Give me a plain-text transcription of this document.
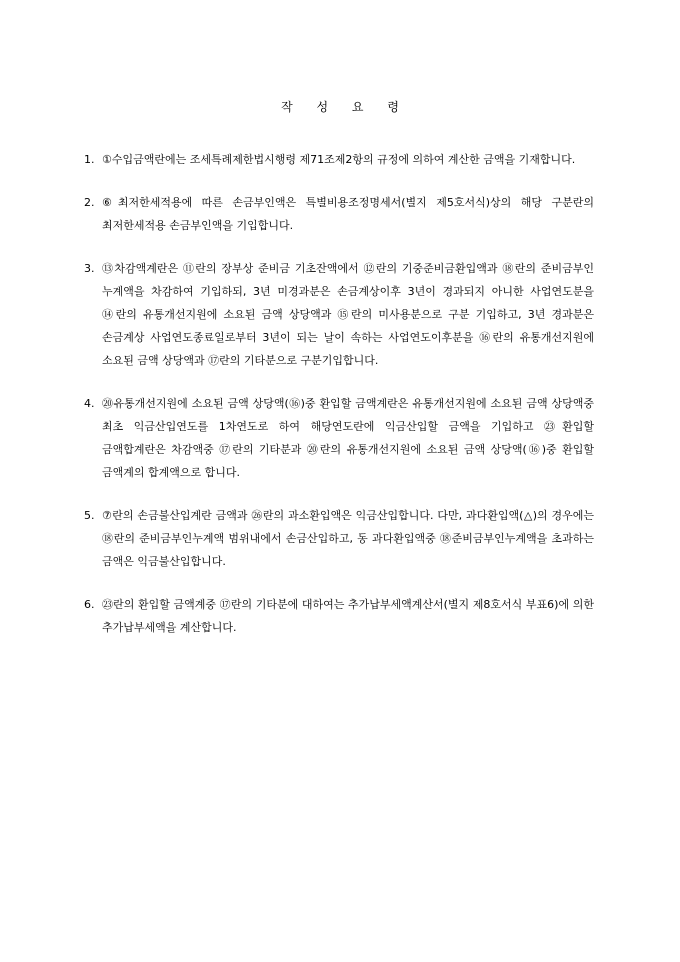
작 성 요 령
1. ①수입금액란에는 조세특례제한법시행령 제71조제2항의 규정에 의하여 계산한 금액을 기재합니다.
2. ⑥최저한세적용에 따른 손금부인액은 특별비용조정명세서(별지 제5호서식)상의 해당 구분란의 최저한세적용 손금부인액을 기입합니다.
3. ⑬차감액계란은 ⑪란의 장부상 준비금 기초잔액에서 ⑫란의 기중준비금환입액과 ⑱란의 준비금부인 누계액을 차감하여 기입하되, 3년 미경과분은 손금계상이후 3년이 경과되지 아니한 사업연도분을 ⑭란의 유통개선지원에 소요된 금액 상당액과 ⑮란의 미사용분으로 구분 기입하고, 3년 경과분은 손금계상 사업연도종료일로부터 3년이 되는 날이 속하는 사업연도이후분을 ⑯란의 유통개선지원에 소요된 금액 상당액과 ⑰란의 기타분으로 구분기입합니다.
4. ⑳유통개선지원에 소요된 금액 상당액(⑯)중 환입할 금액계란은 유통개선지원에 소요된 금액 상당액중 최초 익금산입연도를 1차연도로 하여 해당연도란에 익금산입할 금액을 기입하고 ㉓환입할 금액합계란은 차감액중 ⑰란의 기타분과 ⑳란의 유통개선지원에 소요된 금액 상당액(⑯)중 환입할 금액계의 합계액으로 합니다.
5. ⑦란의 손금불산입계란 금액과 ㉖란의 과소환입액은 익금산입합니다. 다만, 과다환입액(△)의 경우에는 ⑱란의 준비금부인누계액 범위내에서 손금산입하고, 동 과다환입액중 ⑱준비금부인누계액을 초과하는 금액은 익금불산입합니다.
6. ㉓란의 환입할 금액계중 ⑰란의 기타분에 대하여는 추가납부세액계산서(별지 제8호서식 부표6)에 의한 추가납부세액을 계산합니다.
